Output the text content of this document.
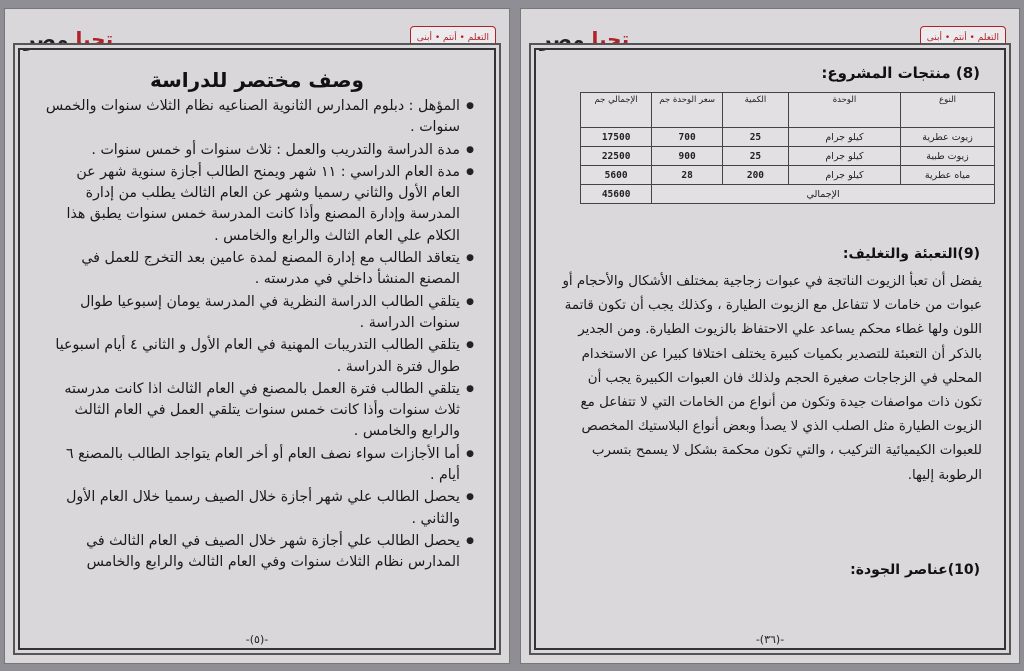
تحيا مصر	التعلم • أنتم • أبنى
وصف مختصر للدراسة
● المؤهل : دبلوم المدارس الثانوية الصناعيه نظام الثلاث سنوات والخمس سنوات .
● مدة الدراسة والتدريب والعمل : ثلاث سنوات أو خمس سنوات .
● مدة العام الدراسي : ١١ شهر ويمنح الطالب أجازة سنوية شهر عن العام الأول والثاني رسميا وشهر عن العام الثالث يطلب من إدارة المدرسة وإدارة المصنع وأذا كانت المدرسة خمس سنوات يطبق هذا الكلام علي العام الثالث والرابع والخامس .
● يتعاقد الطالب مع إدارة المصنع لمدة عامين بعد التخرج للعمل في المصنع المنشأ داخلي في مدرسته .
● يتلقي الطالب الدراسة النظرية في المدرسة يومان إسبوعيا طوال سنوات الدراسة .
● يتلقي الطالب التدريبات المهنية في العام الأول و الثاني ٤ أيام اسبوعيا طوال فترة الدراسة .
● يتلقي الطالب فترة العمل بالمصنع في العام الثالث اذا كانت مدرسته ثلاث سنوات وأذا كانت خمس سنوات يتلقي العمل في العام الثالث والرابع والخامس .
● أما الأجازات سواء نصف العام أو أخر العام يتواجد الطالب بالمصنع ٦ أيام .
● يحصل الطالب علي شهر أجازة خلال الصيف رسميا خلال العام الأول والثاني .
● يحصل الطالب علي أجازة شهر خلال الصيف في العام الثالث في المدارس نظام الثلاث سنوات وفي العام الثالث والرابع والخامس
-(٥)-
تحيا مصر	التعلم • أنتم • أبنى
(8) منتجات المشروع:
النوع	الوحدة	الكمية	سعر الوحدة جم	الإجمالي جم
زيوت عطرية	كيلو جرام	25	700	17500
زيوت طبية	كيلو جرام	25	900	22500
مياه عطرية	كيلو جرام	200	28	5600
الإجمالي				45600
(9)التعبئة والتغليف:
يفضل أن تعبأ الزيوت الناتجة في عبوات زجاجية بمختلف الأشكال والأحجام أو عبوات من خامات لا تتفاعل مع الزيوت الطيارة ، وكذلك يجب أن تكون قاتمة اللون ولها غطاء محكم يساعد علي الاحتفاظ بالزيوت الطيارة. ومن الجدير بالذكر أن التعبئة للتصدير بكميات كبيرة يختلف اختلافا كبيرا عن الاستخدام المحلي في الزجاجات صغيرة الحجم ولذلك فان العبوات الكبيرة يجب أن تكون ذات مواصفات جيدة وتكون من أنواع من الخامات التي لا تتفاعل مع الزيوت الطيارة مثل الصلب الذي لا يصدأ وبعض أنواع البلاستيك المخصص للعبوات الكيميائية التركيب ، والتي تكون محكمة بشكل لا يسمح بتسرب الرطوبة إليها.
(10)عناصر الجودة:
-(٣٦)-
